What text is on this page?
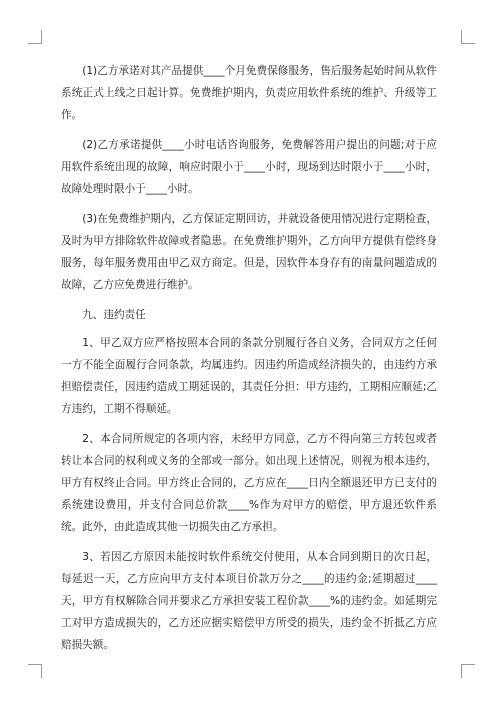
(1)乙方承诺对其产品提供____个月免费保修服务，售后服务起始时间从软件系统正式上线之日起计算。免费维护期内，负责应用软件系统的维护、升级等工作。

(2)乙方承诺提供____小时电话咨询服务，免费解答用户提出的问题;对于应用软件系统出现的故障，响应时限小于____小时，现场到达时限小于____小时，故障处理时限小于____小时。

(3)在免费维护期内，乙方保证定期回访，并就设备使用情况进行定期检查，及时为甲方排除软件故障或者隐患。在免费维护期外，乙方向甲方提供有偿终身服务，每年服务费用由甲乙双方商定。但是，因软件本身存有的南量问题造成的故障，乙方应免费进行维护。

九、违约责任

1、甲乙双方应严格按照本合同的条款分别履行各自义务，合同双方之任何一方不能全面履行合同条款，均属违约。因违约所造成经济损失的，由违约方承担赔偿责任，因违约造成工期延误的，其责任分担：甲方违约，工期相应顺延;乙方违约，工期不得顺延。

2、本合同所规定的各项内容，未经甲方同意，乙方不得向第三方转包或者转让本合同的权利或义务的全部或一部分。如出现上述情况，则视为根本违约，甲方有权终止合同。甲方终止合同的，乙方应在____日内全额退还甲方已支付的系统建设费用，并支付合同总价款____%作为对甲方的赔偿，甲方退还软件系统。此外，由此造成其他一切损失由乙方承担。

3、若因乙方原因未能按时软件系统交付使用，从本合同到期日的次日起，每延迟一天，乙方应向甲方支付本项目价款万分之____的违约金;延期超过____天，甲方有权解除合同并要求乙方承担安装工程价款____%的违约金。如延期完工对甲方造成损失的，乙方还应据实赔偿甲方所受的损失，违约金不折抵乙方应赔损失额。
